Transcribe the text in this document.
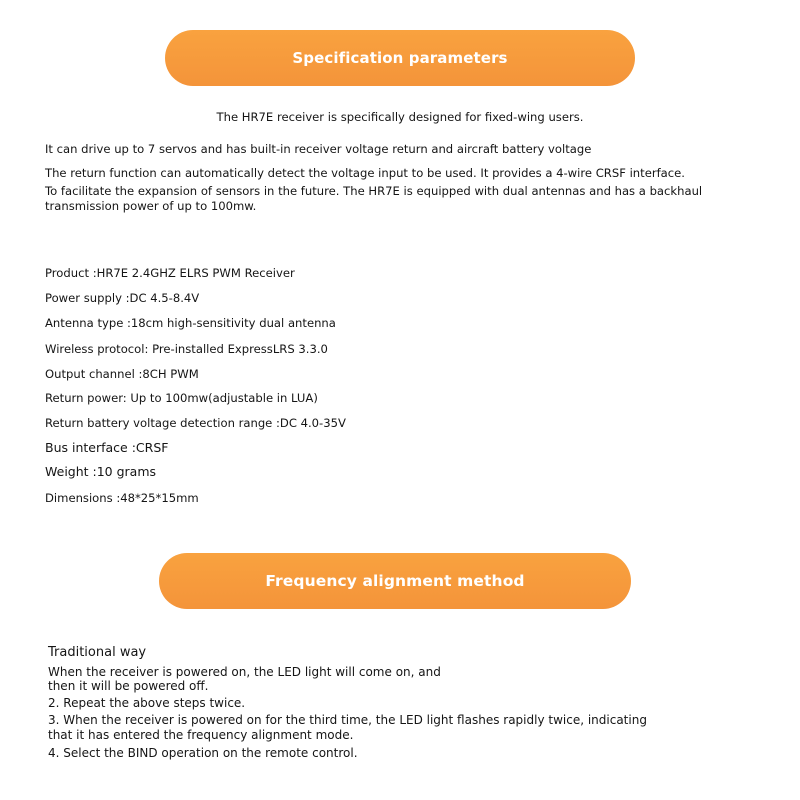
Specification parameters
The HR7E receiver is specifically designed for fixed-wing users.
It can drive up to 7 servos and has built-in receiver voltage return and aircraft battery voltage
The return function can automatically detect the voltage input to be used. It provides a 4-wire CRSF interface.
To facilitate the expansion of sensors in the future. The HR7E is equipped with dual antennas and has a backhaul
transmission power of up to 100mw.
Product :HR7E 2.4GHZ ELRS PWM Receiver
Power supply :DC 4.5-8.4V
Antenna type :18cm high-sensitivity dual antenna
Wireless protocol: Pre-installed ExpressLRS 3.3.0
Output channel :8CH PWM
Return power: Up to 100mw(adjustable in LUA)
Return battery voltage detection range :DC 4.0-35V
Bus interface :CRSF
Weight :10 grams
Dimensions :48*25*15mm
Frequency alignment method
Traditional way
When the receiver is powered on, the LED light will come on, and
then it will be powered off.
2. Repeat the above steps twice.
3. When the receiver is powered on for the third time, the LED light flashes rapidly twice, indicating
that it has entered the frequency alignment mode.
4. Select the BIND operation on the remote control.
